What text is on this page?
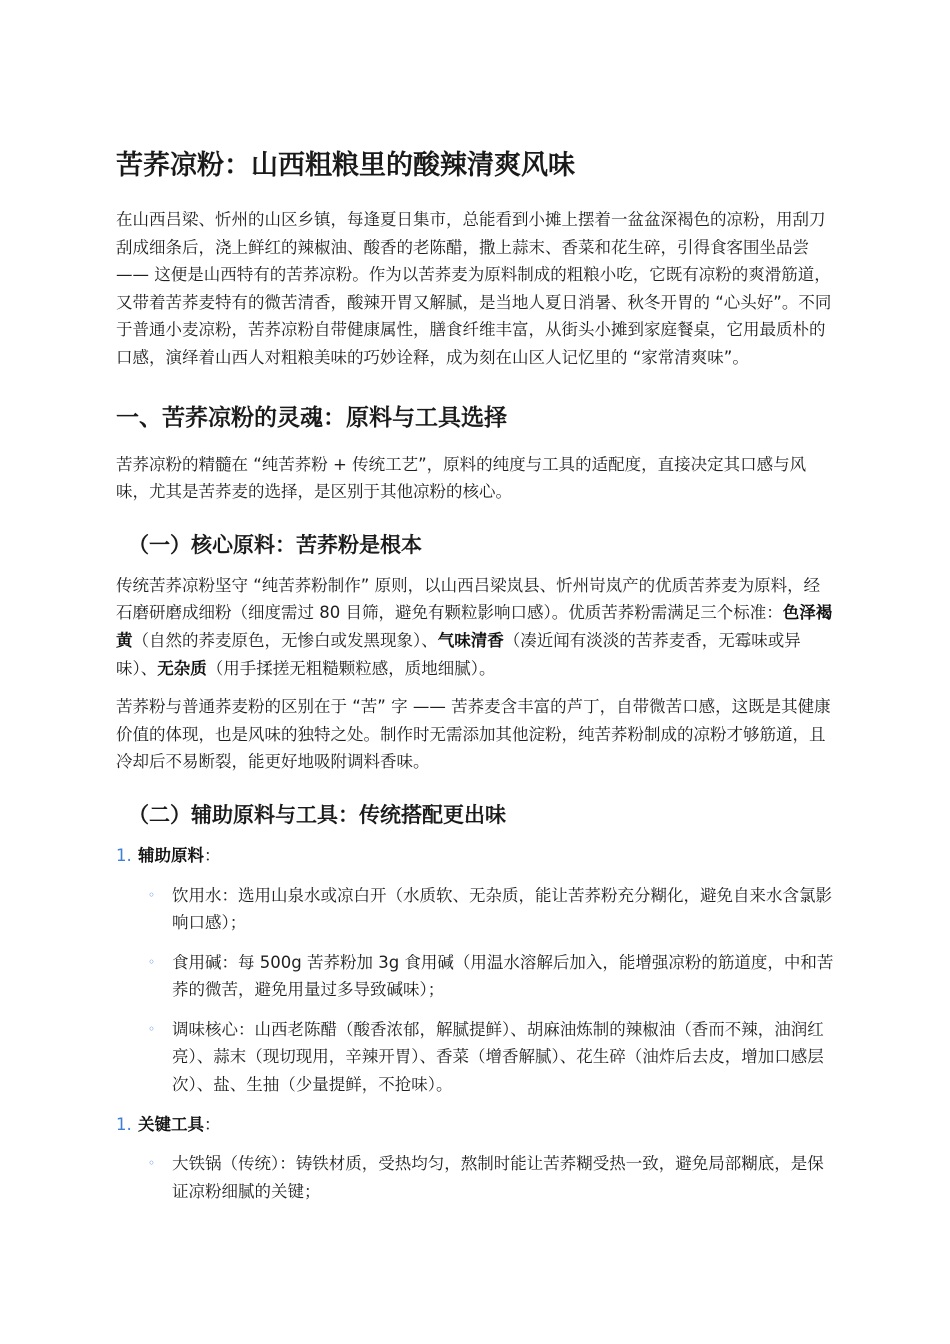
苦荞凉粉：山西粗粮里的酸辣清爽风味

在山西吕梁、忻州的山区乡镇，每逢夏日集市，总能看到小摊上摆着一盆盆深褐色的凉粉，用刮刀刮成细条后，浇上鲜红的辣椒油、酸香的老陈醋，撒上蒜末、香菜和花生碎，引得食客围坐品尝 —— 这便是山西特有的苦荞凉粉。作为以苦荞麦为原料制成的粗粮小吃，它既有凉粉的爽滑筋道，又带着苦荞麦特有的微苦清香，酸辣开胃又解腻，是当地人夏日消暑、秋冬开胃的 “心头好”。不同于普通小麦凉粉，苦荞凉粉自带健康属性，膳食纤维丰富，从街头小摊到家庭餐桌，它用最质朴的口感，演绎着山西人对粗粮美味的巧妙诠释，成为刻在山区人记忆里的 “家常清爽味”。

一、苦荞凉粉的灵魂：原料与工具选择

苦荞凉粉的精髓在 “纯苦荞粉 + 传统工艺”，原料的纯度与工具的适配度，直接决定其口感与风味，尤其是苦荞麦的选择，是区别于其他凉粉的核心。

（一）核心原料：苦荞粉是根本

传统苦荞凉粉坚守 “纯苦荞粉制作” 原则，以山西吕梁岚县、忻州岢岚产的优质苦荞麦为原料，经石磨研磨成细粉（细度需过 80 目筛，避免有颗粒影响口感）。优质苦荞粉需满足三个标准：色泽褐黄（自然的荞麦原色，无惨白或发黑现象）、气味清香（凑近闻有淡淡的苦荞麦香，无霉味或异味）、无杂质（用手揉搓无粗糙颗粒感，质地细腻）。

苦荞粉与普通荞麦粉的区别在于 “苦” 字 —— 苦荞麦含丰富的芦丁，自带微苦口感，这既是其健康价值的体现，也是风味的独特之处。制作时无需添加其他淀粉，纯苦荞粉制成的凉粉才够筋道，且冷却后不易断裂，能更好地吸附调料香味。

（二）辅助原料与工具：传统搭配更出味
1. 辅助原料：
◦	饮用水：选用山泉水或凉白开（水质软、无杂质，能让苦荞粉充分糊化，避免自来水含氯影响口感）；
◦	食用碱：每 500g 苦荞粉加 3g 食用碱（用温水溶解后加入，能增强凉粉的筋道度，中和苦荞的微苦，避免用量过多导致碱味）；
◦	调味核心：山西老陈醋（酸香浓郁，解腻提鲜）、胡麻油炼制的辣椒油（香而不辣，油润红亮）、蒜末（现切现用，辛辣开胃）、香菜（增香解腻）、花生碎（油炸后去皮，增加口感层次）、盐、生抽（少量提鲜，不抢味）。
1. 关键工具：
◦	大铁锅（传统）：铸铁材质，受热均匀，熬制时能让苦荞糊受热一致，避免局部糊底，是保证凉粉细腻的关键；
